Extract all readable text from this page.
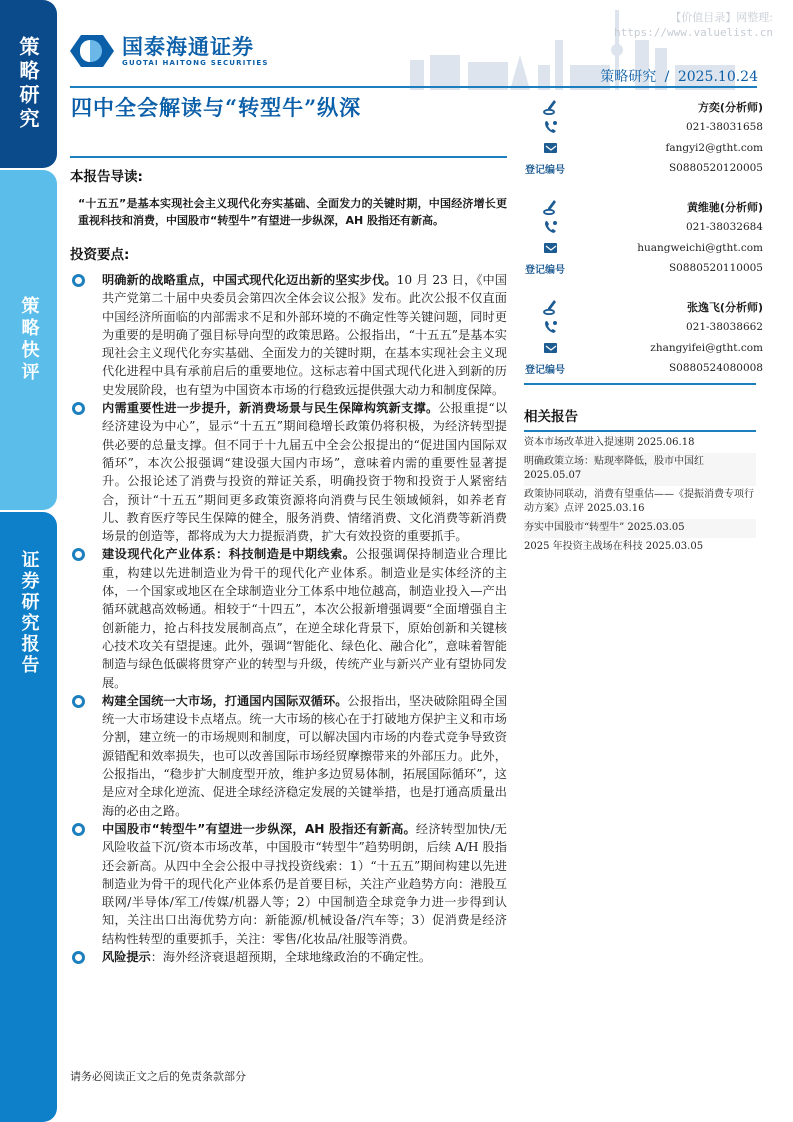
策略研究
策略快评
证券研究报告
国泰海通证券
GUOTAI HAITONG SECURITIES
【价值目录】网整理:
https://www.valuelist.cn
策略研究 / 2025.10.24
四中全会解读与“转型牛”纵深
本报告导读:

“十五五”是基本实现社会主义现代化夯实基础、全面发力的关键时期，中国经济增长更重视科技和消费，中国股市“转型牛”有望进一步纵深，AH 股指还有新高。

投资要点:
明确新的战略重点，中国式现代化迈出新的坚实步伐。10 月 23 日，《中国共产党第二十届中央委员会第四次全体会议公报》发布。此次公报不仅直面中国经济所面临的内部需求不足和外部环境的不确定性等关键问题，同时更为重要的是明确了强目标导向型的政策思路。公报指出，“十五五”是基本实现社会主义现代化夯实基础、全面发力的关键时期，在基本实现社会主义现代化进程中具有承前启后的重要地位。这标志着中国式现代化进入到新的历史发展阶段，也有望为中国资本市场的行稳致远提供强大动力和制度保障。
内需重要性进一步提升，新消费场景与民生保障构筑新支撑。公报重提“以经济建设为中心”，显示“十五五”期间稳增长政策仍将积极，为经济转型提供必要的总量支撑。但不同于十九届五中全会公报提出的“促进国内国际双循环”，本次公报强调“建设强大国内市场”，意味着内需的重要性显著提升。公报论述了消费与投资的辩证关系，明确投资于物和投资于人紧密结合，预计“十五五”期间更多政策资源将向消费与民生领域倾斜，如养老育儿、教育医疗等民生保障的健全，服务消费、情绪消费、文化消费等新消费场景的创造等，都将成为大力提振消费，扩大有效投资的重要抓手。
建设现代化产业体系：科技制造是中期线索。公报强调保持制造业合理比重，构建以先进制造业为骨干的现代化产业体系。制造业是实体经济的主体，一个国家或地区在全球制造业分工体系中地位越高，制造业投入—产出循环就越高效畅通。相较于“十四五”，本次公报新增强调要“全面增强自主创新能力，抢占科技发展制高点”，在逆全球化背景下，原始创新和关键核心技术攻关有望提速。此外，强调“智能化、绿色化、融合化”，意味着智能制造与绿色低碳将贯穿产业的转型与升级，传统产业与新兴产业有望协同发展。
构建全国统一大市场，打通国内国际双循环。公报指出，坚决破除阻碍全国统一大市场建设卡点堵点。统一大市场的核心在于打破地方保护主义和市场分割，建立统一的市场规则和制度，可以解决国内市场的内卷式竞争导致资源错配和效率损失，也可以改善国际市场经贸摩擦带来的外部压力。此外，公报指出，“稳步扩大制度型开放，维护多边贸易体制，拓展国际循环”，这是应对全球化逆流、促进全球经济稳定发展的关键举措，也是打通高质量出海的必由之路。
中国股市“转型牛”有望进一步纵深，AH 股指还有新高。经济转型加快/无风险收益下沉/资本市场改革，中国股市“转型牛”趋势明朗，后续 A/H 股指还会新高。从四中全会公报中寻找投资线索：1）“十五五”期间构建以先进制造业为骨干的现代化产业体系仍是首要目标，关注产业趋势方向：港股互联网/半导体/军工/传媒/机器人等；2）中国制造全球竞争力进一步得到认知，关注出口出海优势方向：新能源/机械设备/汽车等；3）促消费是经济结构性转型的重要抓手，关注：零售/化妆品/社服等消费。
风险提示：海外经济衰退超预期，全球地缘政治的不确定性。
请务必阅读正文之后的免责条款部分
方奕(分析师)
021-38031658
fangyi2@gtht.com
登记编号	S0880520120005
黄维驰(分析师)
021-38032684
huangweichi@gtht.com
登记编号	S0880520110005
张逸飞(分析师)
021-38038662
zhangyifei@gtht.com
登记编号	S0880524080008
相关报告
资本市场改革进入提速期 2025.06.18
明确政策立场：贴现率降低，股市中国红 2025.05.07
政策协同联动，消费有望重估——《提振消费专项行动方案》点评 2025.03.16
夯实中国股市“转型牛” 2025.03.05
2025 年投资主战场在科技 2025.03.05
